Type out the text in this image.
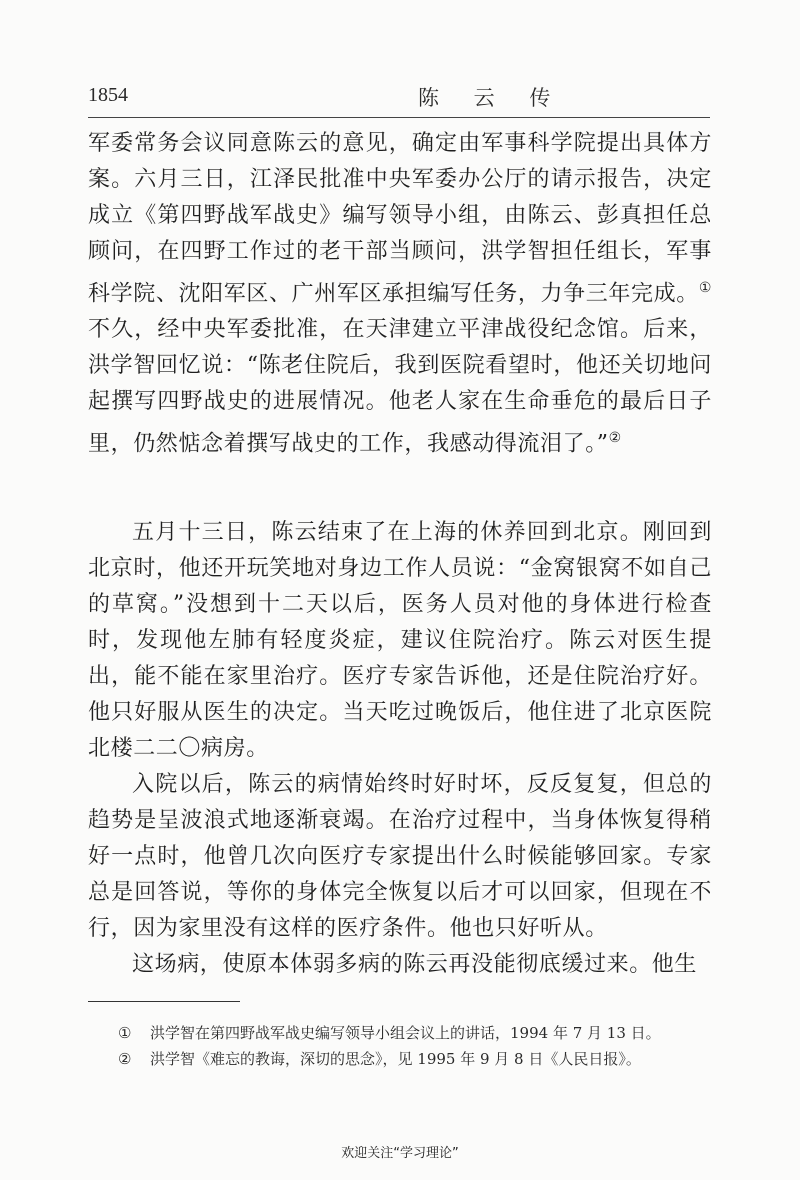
1854	陈 云 传

军委常务会议同意陈云的意见，确定由军事科学院提出具体方案。六月三日，江泽民批准中央军委办公厅的请示报告，决定成立《第四野战军战史》编写领导小组，由陈云、彭真担任总顾问，在四野工作过的老干部当顾问，洪学智担任组长，军事科学院、沈阳军区、广州军区承担编写任务，力争三年完成。① 不久，经中央军委批准，在天津建立平津战役纪念馆。后来，洪学智回忆说：“陈老住院后，我到医院看望时，他还关切地问起撰写四野战史的进展情况。他老人家在生命垂危的最后日子里，仍然惦念着撰写战史的工作，我感动得流泪了。”②

五月十三日，陈云结束了在上海的休养回到北京。刚回到北京时，他还开玩笑地对身边工作人员说：“金窝银窝不如自己的草窝。”没想到十二天以后，医务人员对他的身体进行检查时，发现他左肺有轻度炎症，建议住院治疗。陈云对医生提出，能不能在家里治疗。医疗专家告诉他，还是住院治疗好。他只好服从医生的决定。当天吃过晚饭后，他住进了北京医院北楼二二〇病房。

入院以后，陈云的病情始终时好时坏，反反复复，但总的趋势是呈波浪式地逐渐衰竭。在治疗过程中，当身体恢复得稍好一点时，他曾几次向医疗专家提出什么时候能够回家。专家总是回答说，等你的身体完全恢复以后才可以回家，但现在不行，因为家里没有这样的医疗条件。他也只好听从。

这场病，使原本体弱多病的陈云再没能彻底缓过来。他生

①	洪学智在第四野战军战史编写领导小组会议上的讲话，1994 年 7 月 13 日。
②	洪学智《难忘的教诲，深切的思念》，见 1995 年 9 月 8 日《人民日报》。
欢迎关注“学习理论”
